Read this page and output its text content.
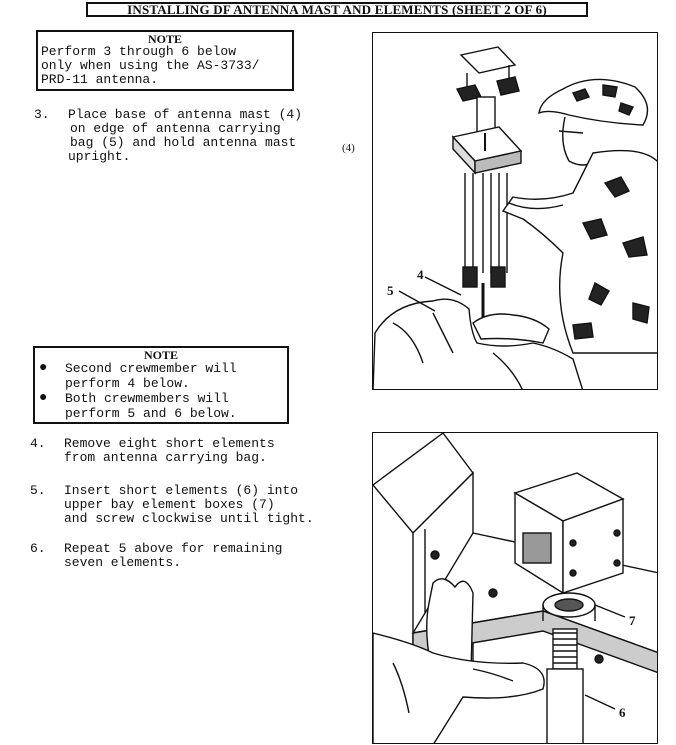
INSTALLING DF ANTENNA MAST AND ELEMENTS (SHEET 2 OF 6)
NOTE
Perform 3 through 6 below
only when using the AS-3733/
PRD-11 antenna.
3.	Place base of antenna mast (4)
on edge of antenna carrying
bag (5) and hold antenna mast
upright.
(4)
5
4
NOTE
● Second crewmember will
perform 4 below.
● Both crewmembers will
perform 5 and 6 below.
4.	Remove eight short elements
from antenna carrying bag.
5.	Insert short elements (6) into
upper bay element boxes (7)
and screw clockwise until tight.
6.	Repeat 5 above for remaining
seven elements.
7
6
